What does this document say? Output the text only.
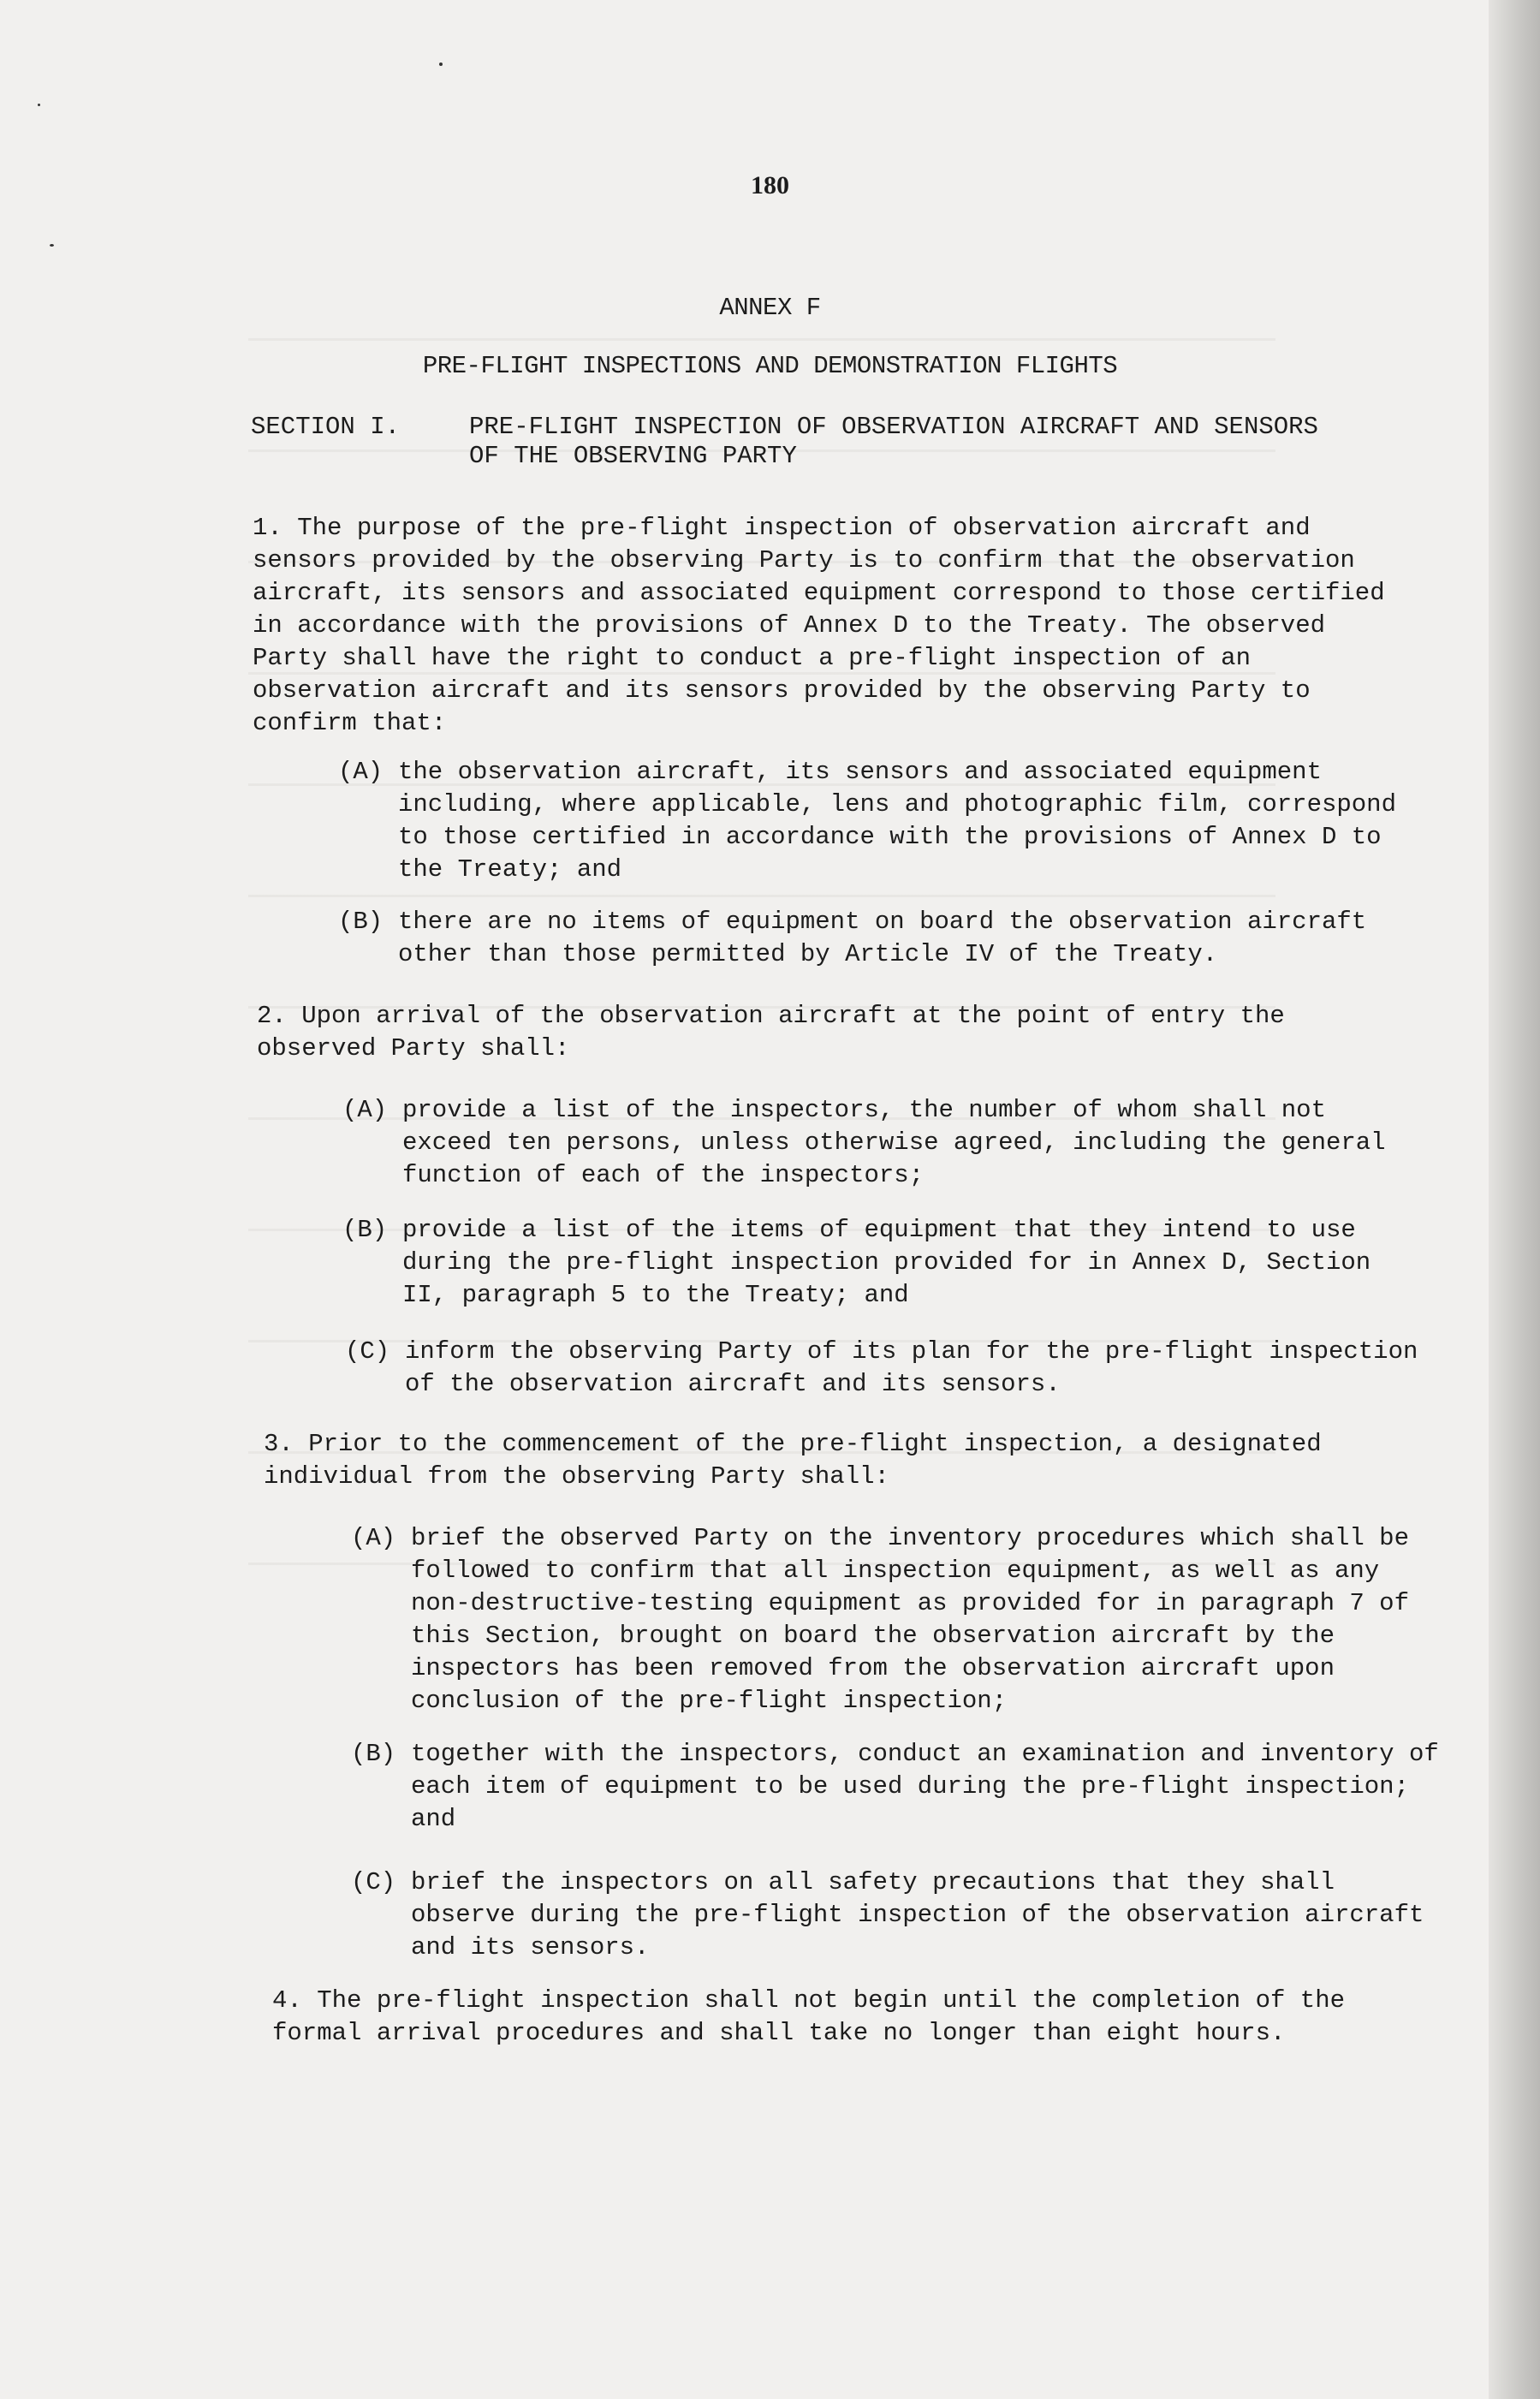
180
ANNEX F
PRE-FLIGHT INSPECTIONS AND DEMONSTRATION FLIGHTS
SECTION I.	PRE-FLIGHT INSPECTION OF OBSERVATION AIRCRAFT AND SENSORS OF THE OBSERVING PARTY

1. The purpose of the pre-flight inspection of observation aircraft and sensors provided by the observing Party is to confirm that the observation aircraft, its sensors and associated equipment correspond to those certified in accordance with the provisions of Annex D to the Treaty. The observed Party shall have the right to conduct a pre-flight inspection of an observation aircraft and its sensors provided by the observing Party to confirm that:

(A) the observation aircraft, its sensors and associated equipment including, where applicable, lens and photographic film, correspond to those certified in accordance with the provisions of Annex D to the Treaty; and
(B) there are no items of equipment on board the observation aircraft other than those permitted by Article IV of the Treaty.

2. Upon arrival of the observation aircraft at the point of entry the observed Party shall:

(A) provide a list of the inspectors, the number of whom shall not exceed ten persons, unless otherwise agreed, including the general function of each of the inspectors;
(B) provide a list of the items of equipment that they intend to use during the pre-flight inspection provided for in Annex D, Section II, paragraph 5 to the Treaty; and
(C) inform the observing Party of its plan for the pre-flight inspection of the observation aircraft and its sensors.

3. Prior to the commencement of the pre-flight inspection, a designated individual from the observing Party shall:

(A) brief the observed Party on the inventory procedures which shall be followed to confirm that all inspection equipment, as well as any non-destructive-testing equipment as provided for in paragraph 7 of this Section, brought on board the observation aircraft by the inspectors has been removed from the observation aircraft upon conclusion of the pre-flight inspection;
(B) together with the inspectors, conduct an examination and inventory of each item of equipment to be used during the pre-flight inspection; and
(C) brief the inspectors on all safety precautions that they shall observe during the pre-flight inspection of the observation aircraft and its sensors.

4. The pre-flight inspection shall not begin until the completion of the formal arrival procedures and shall take no longer than eight hours.
